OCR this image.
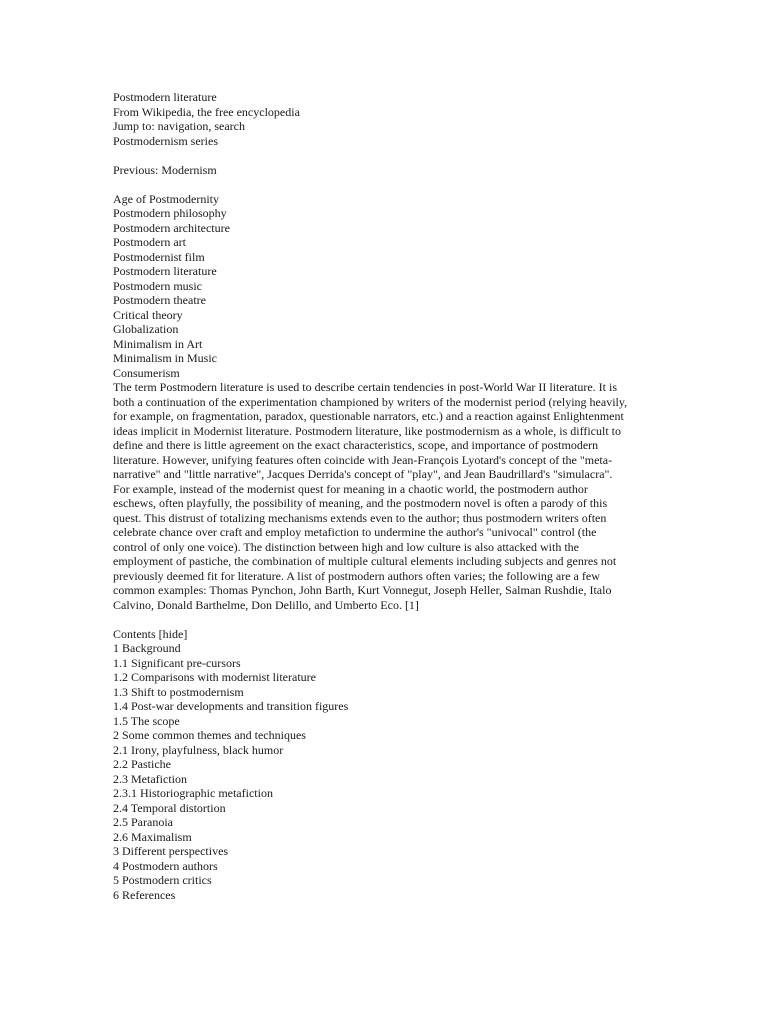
Postmodern literature
From Wikipedia, the free encyclopedia
Jump to: navigation, search
Postmodernism series
Previous: Modernism
Age of Postmodernity
Postmodern philosophy
Postmodern architecture
Postmodern art
Postmodernist film
Postmodern literature
Postmodern music
Postmodern theatre
Critical theory
Globalization
Minimalism in Art
Minimalism in Music
Consumerism
The term Postmodern literature is used to describe certain tendencies in post-World War II literature. It is
both a continuation of the experimentation championed by writers of the modernist period (relying heavily,
for example, on fragmentation, paradox, questionable narrators, etc.) and a reaction against Enlightenment
ideas implicit in Modernist literature. Postmodern literature, like postmodernism as a whole, is difficult to
define and there is little agreement on the exact characteristics, scope, and importance of postmodern
literature. However, unifying features often coincide with Jean-François Lyotard's concept of the "meta-
narrative" and "little narrative", Jacques Derrida's concept of "play", and Jean Baudrillard's "simulacra".
For example, instead of the modernist quest for meaning in a chaotic world, the postmodern author
eschews, often playfully, the possibility of meaning, and the postmodern novel is often a parody of this
quest. This distrust of totalizing mechanisms extends even to the author; thus postmodern writers often
celebrate chance over craft and employ metafiction to undermine the author's "univocal" control (the
control of only one voice). The distinction between high and low culture is also attacked with the
employment of pastiche, the combination of multiple cultural elements including subjects and genres not
previously deemed fit for literature. A list of postmodern authors often varies; the following are a few
common examples: Thomas Pynchon, John Barth, Kurt Vonnegut, Joseph Heller, Salman Rushdie, Italo
Calvino, Donald Barthelme, Don Delillo, and Umberto Eco. [1]
Contents [hide]
1 Background
1.1 Significant pre-cursors
1.2 Comparisons with modernist literature
1.3 Shift to postmodernism
1.4 Post-war developments and transition figures
1.5 The scope
2 Some common themes and techniques
2.1 Irony, playfulness, black humor
2.2 Pastiche
2.3 Metafiction
2.3.1 Historiographic metafiction
2.4 Temporal distortion
2.5 Paranoia
2.6 Maximalism
3 Different perspectives
4 Postmodern authors
5 Postmodern critics
6 References
